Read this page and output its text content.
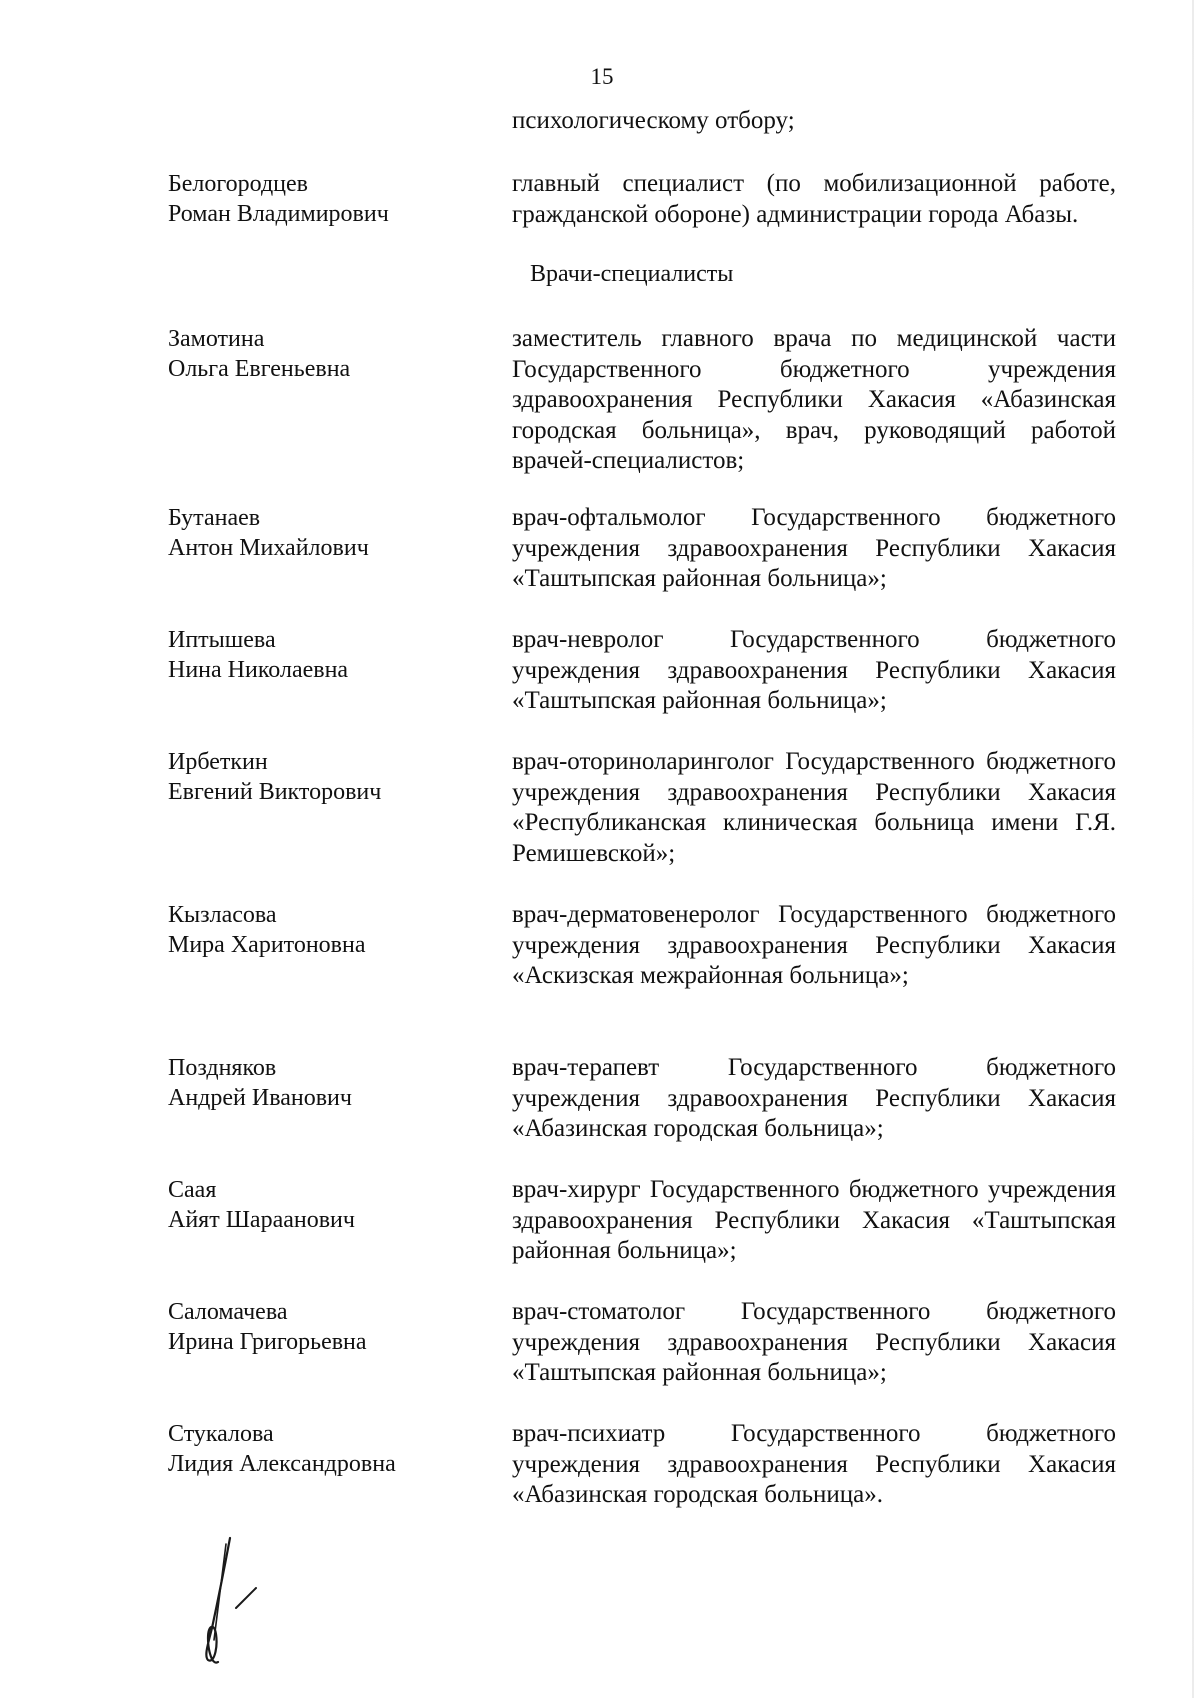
15
психологическому отбору;
Белогородцев
Роман Владимирович
главный специалист (по мобилизационной работе, гражданской обороне) администрации города Абазы.
Врачи-специалисты
Замотина
Ольга Евгеньевна
заместитель главного врача по медицинской части Государственного бюджетного учреждения здравоохранения Республики Хакасия «Абазинская городская больница», врач, руководящий работой врачей-специалистов;
Бутанаев
Антон Михайлович
врач-офтальмолог Государственного бюджетного учреждения здравоохранения Республики Хакасия «Таштыпская районная больница»;
Иптышева
Нина Николаевна
врач-невролог Государственного бюджетного учреждения здравоохранения Республики Хакасия «Таштыпская районная больница»;
Ирбеткин
Евгений Викторович
врач-оториноларинголог Государственного бюджетного учреждения здравоохранения Республики Хакасия «Республиканская клиническая больница имени Г.Я. Ремишевской»;
Кызласова
Мира Харитоновна
врач-дерматовенеролог Государственного бюджетного учреждения здравоохранения Республики Хакасия «Аскизская межрайонная больница»;
Поздняков
Андрей Иванович
врач-терапевт Государственного бюджетного учреждения здравоохранения Республики Хакасия «Абазинская городская больница»;
Саая
Айят Шараанович
врач-хирург Государственного бюджетного учреждения здравоохранения Республики Хакасия «Таштыпская районная больница»;
Саломачева
Ирина Григорьевна
врач-стоматолог Государственного бюджетного учреждения здравоохранения Республики Хакасия «Таштыпская районная больница»;
Стукалова
Лидия Александровна
врач-психиатр Государственного бюджетного учреждения здравоохранения Республики Хакасия «Абазинская городская больница».
